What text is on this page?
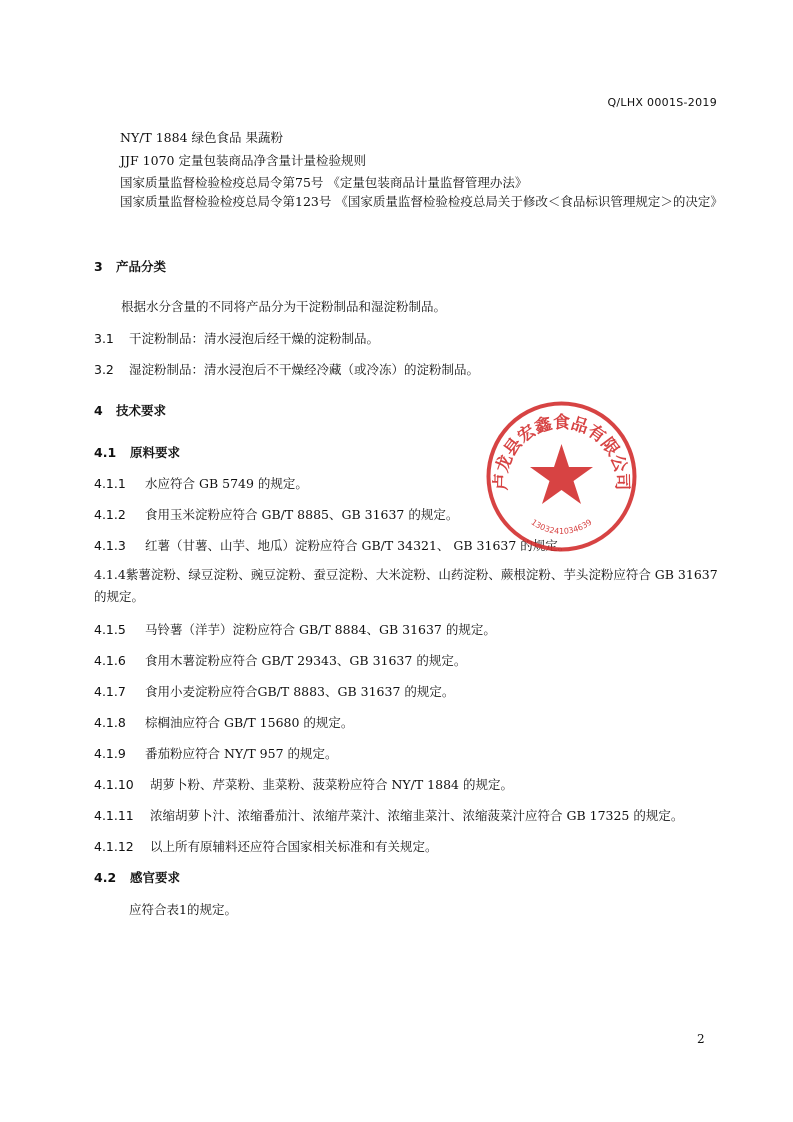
Q/LHX 0001S-2019
NY/T 1884 绿色食品 果蔬粉
JJF 1070 定量包装商品净含量计量检验规则
国家质量监督检验检疫总局令第75号 《定量包装商品计量监督管理办法》
国家质量监督检验检疫总局令第123号 《国家质量监督检验检疫总局关于修改＜食品标识管理规定＞的决定》
3 产品分类
根据水分含量的不同将产品分为干淀粉制品和湿淀粉制品。
3.1 干淀粉制品：清水浸泡后经干燥的淀粉制品。
3.2 湿淀粉制品：清水浸泡后不干燥经冷藏（或冷冻）的淀粉制品。
4 技术要求
4.1 原料要求
4.1.1 水应符合 GB 5749 的规定。
4.1.2 食用玉米淀粉应符合 GB/T 8885、GB 31637 的规定。
4.1.3 红薯（甘薯、山芋、地瓜）淀粉应符合 GB/T 34321、 GB 31637 的规定。
4.1.4紫薯淀粉、绿豆淀粉、豌豆淀粉、蚕豆淀粉、大米淀粉、山药淀粉、蕨根淀粉、芋头淀粉应符合 GB 31637 的规定。
4.1.5 马铃薯（洋芋）淀粉应符合 GB/T 8884、GB 31637 的规定。
4.1.6 食用木薯淀粉应符合 GB/T 29343、GB 31637 的规定。
4.1.7 食用小麦淀粉应符合GB/T 8883、GB 31637 的规定。
4.1.8 棕榈油应符合 GB/T 15680 的规定。
4.1.9 番茄粉应符合 NY/T 957 的规定。
4.1.10 胡萝卜粉、芹菜粉、韭菜粉、菠菜粉应符合 NY/T 1884 的规定。
4.1.11 浓缩胡萝卜汁、浓缩番茄汁、浓缩芹菜汁、浓缩韭菜汁、浓缩菠菜汁应符合 GB 17325 的规定。
4.1.12 以上所有原辅料还应符合国家相关标准和有关规定。
4.2 感官要求
应符合表1的规定。
卢龙县宏鑫食品有限公司
1303241034639
2
